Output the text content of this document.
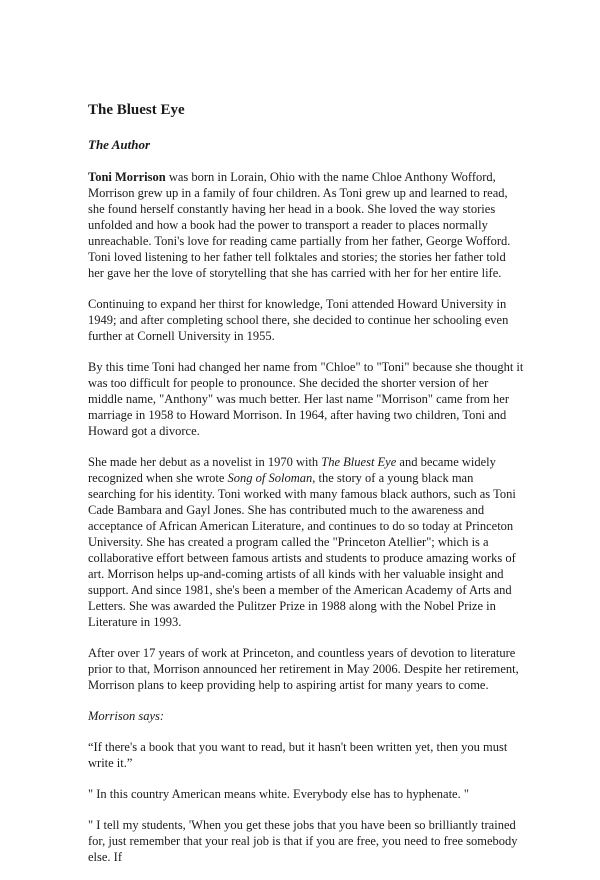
The Bluest Eye
The Author

Toni Morrison was born in Lorain, Ohio with the name Chloe Anthony Wofford, Morrison grew up in a family of four children. As Toni grew up and learned to read, she found herself constantly having her head in a book. She loved the way stories unfolded and how a book had the power to transport a reader to places normally unreachable. Toni's love for reading came partially from her father, George Wofford. Toni loved listening to her father tell folktales and stories; the stories her father told her gave her the love of storytelling that she has carried with her for her entire life.

Continuing to expand her thirst for knowledge, Toni attended Howard University in 1949; and after completing school there, she decided to continue her schooling even further at Cornell University in 1955.

By this time Toni had changed her name from "Chloe" to "Toni" because she thought it was too difficult for people to pronounce. She decided the shorter version of her middle name, "Anthony" was much better. Her last name "Morrison" came from her marriage in 1958 to Howard Morrison. In 1964, after having two children, Toni and Howard got a divorce.

She made her debut as a novelist in 1970 with The Bluest Eye and became widely recognized when she wrote Song of Soloman, the story of a young black man searching for his identity. Toni worked with many famous black authors, such as Toni Cade Bambara and Gayl Jones. She has contributed much to the awareness and acceptance of African American Literature, and continues to do so today at Princeton University. She has created a program called the "Princeton Atellier"; which is a collaborative effort between famous artists and students to produce amazing works of art. Morrison helps up-and-coming artists of all kinds with her valuable insight and support. And since 1981, she's been a member of the American Academy of Arts and Letters. She was awarded the Pulitzer Prize in 1988 along with the Nobel Prize in Literature in 1993.

After over 17 years of work at Princeton, and countless years of devotion to literature prior to that, Morrison announced her retirement in May 2006. Despite her retirement, Morrison plans to keep providing help to aspiring artist for many years to come.

Morrison says:

“If there's a book that you want to read, but it hasn't been written yet, then you must write it.”

" In this country American means white. Everybody else has to hyphenate. "

" I tell my students, 'When you get these jobs that you have been so brilliantly trained for, just remember that your real job is that if you are free, you need to free somebody else. If
